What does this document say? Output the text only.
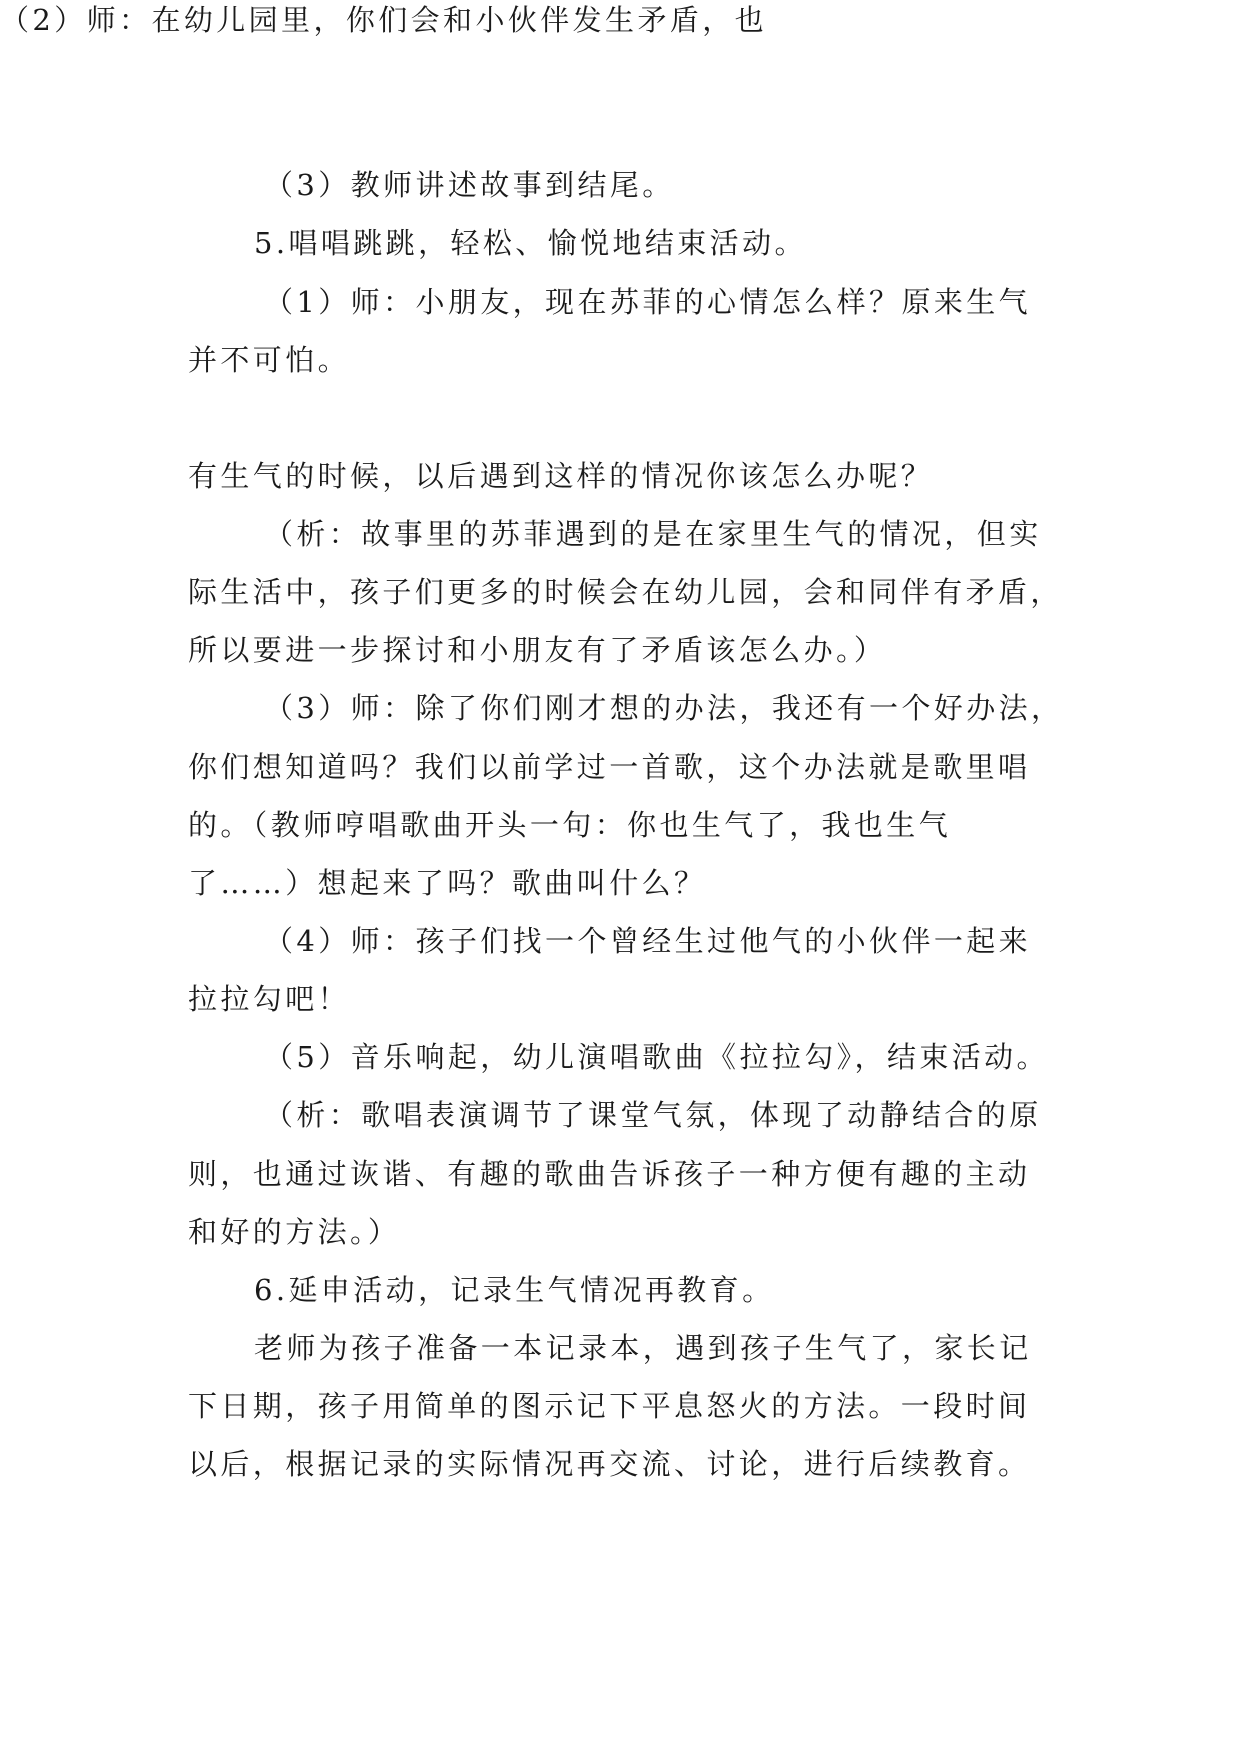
（3）教师讲述故事到结尾。

5.唱唱跳跳，轻松、愉悦地结束活动。

（1）师：小朋友，现在苏菲的心情怎么样？原来生气

并不可怕。

（2）师：在幼儿园里，你们会和小伙伴发生矛盾，也

有生气的时候，以后遇到这样的情况你该怎么办呢？

（析：故事里的苏菲遇到的是在家里生气的情况，但实

际生活中，孩子们更多的时候会在幼儿园，会和同伴有矛盾，

所以要进一步探讨和小朋友有了矛盾该怎么办。）

（3）师：除了你们刚才想的办法，我还有一个好办法，

你们想知道吗？我们以前学过一首歌，这个办法就是歌里唱

的。（教师哼唱歌曲开头一句：你也生气了，我也生气

了……）想起来了吗？歌曲叫什么？

（4）师：孩子们找一个曾经生过他气的小伙伴一起来

拉拉勾吧！

（5）音乐响起，幼儿演唱歌曲《拉拉勾》，结束活动。

（析：歌唱表演调节了课堂气氛，体现了动静结合的原

则，也通过诙谐、有趣的歌曲告诉孩子一种方便有趣的主动

和好的方法。）

6.延申活动，记录生气情况再教育。

老师为孩子准备一本记录本，遇到孩子生气了，家长记

下日期，孩子用简单的图示记下平息怒火的方法。一段时间

以后，根据记录的实际情况再交流、讨论，进行后续教育。
